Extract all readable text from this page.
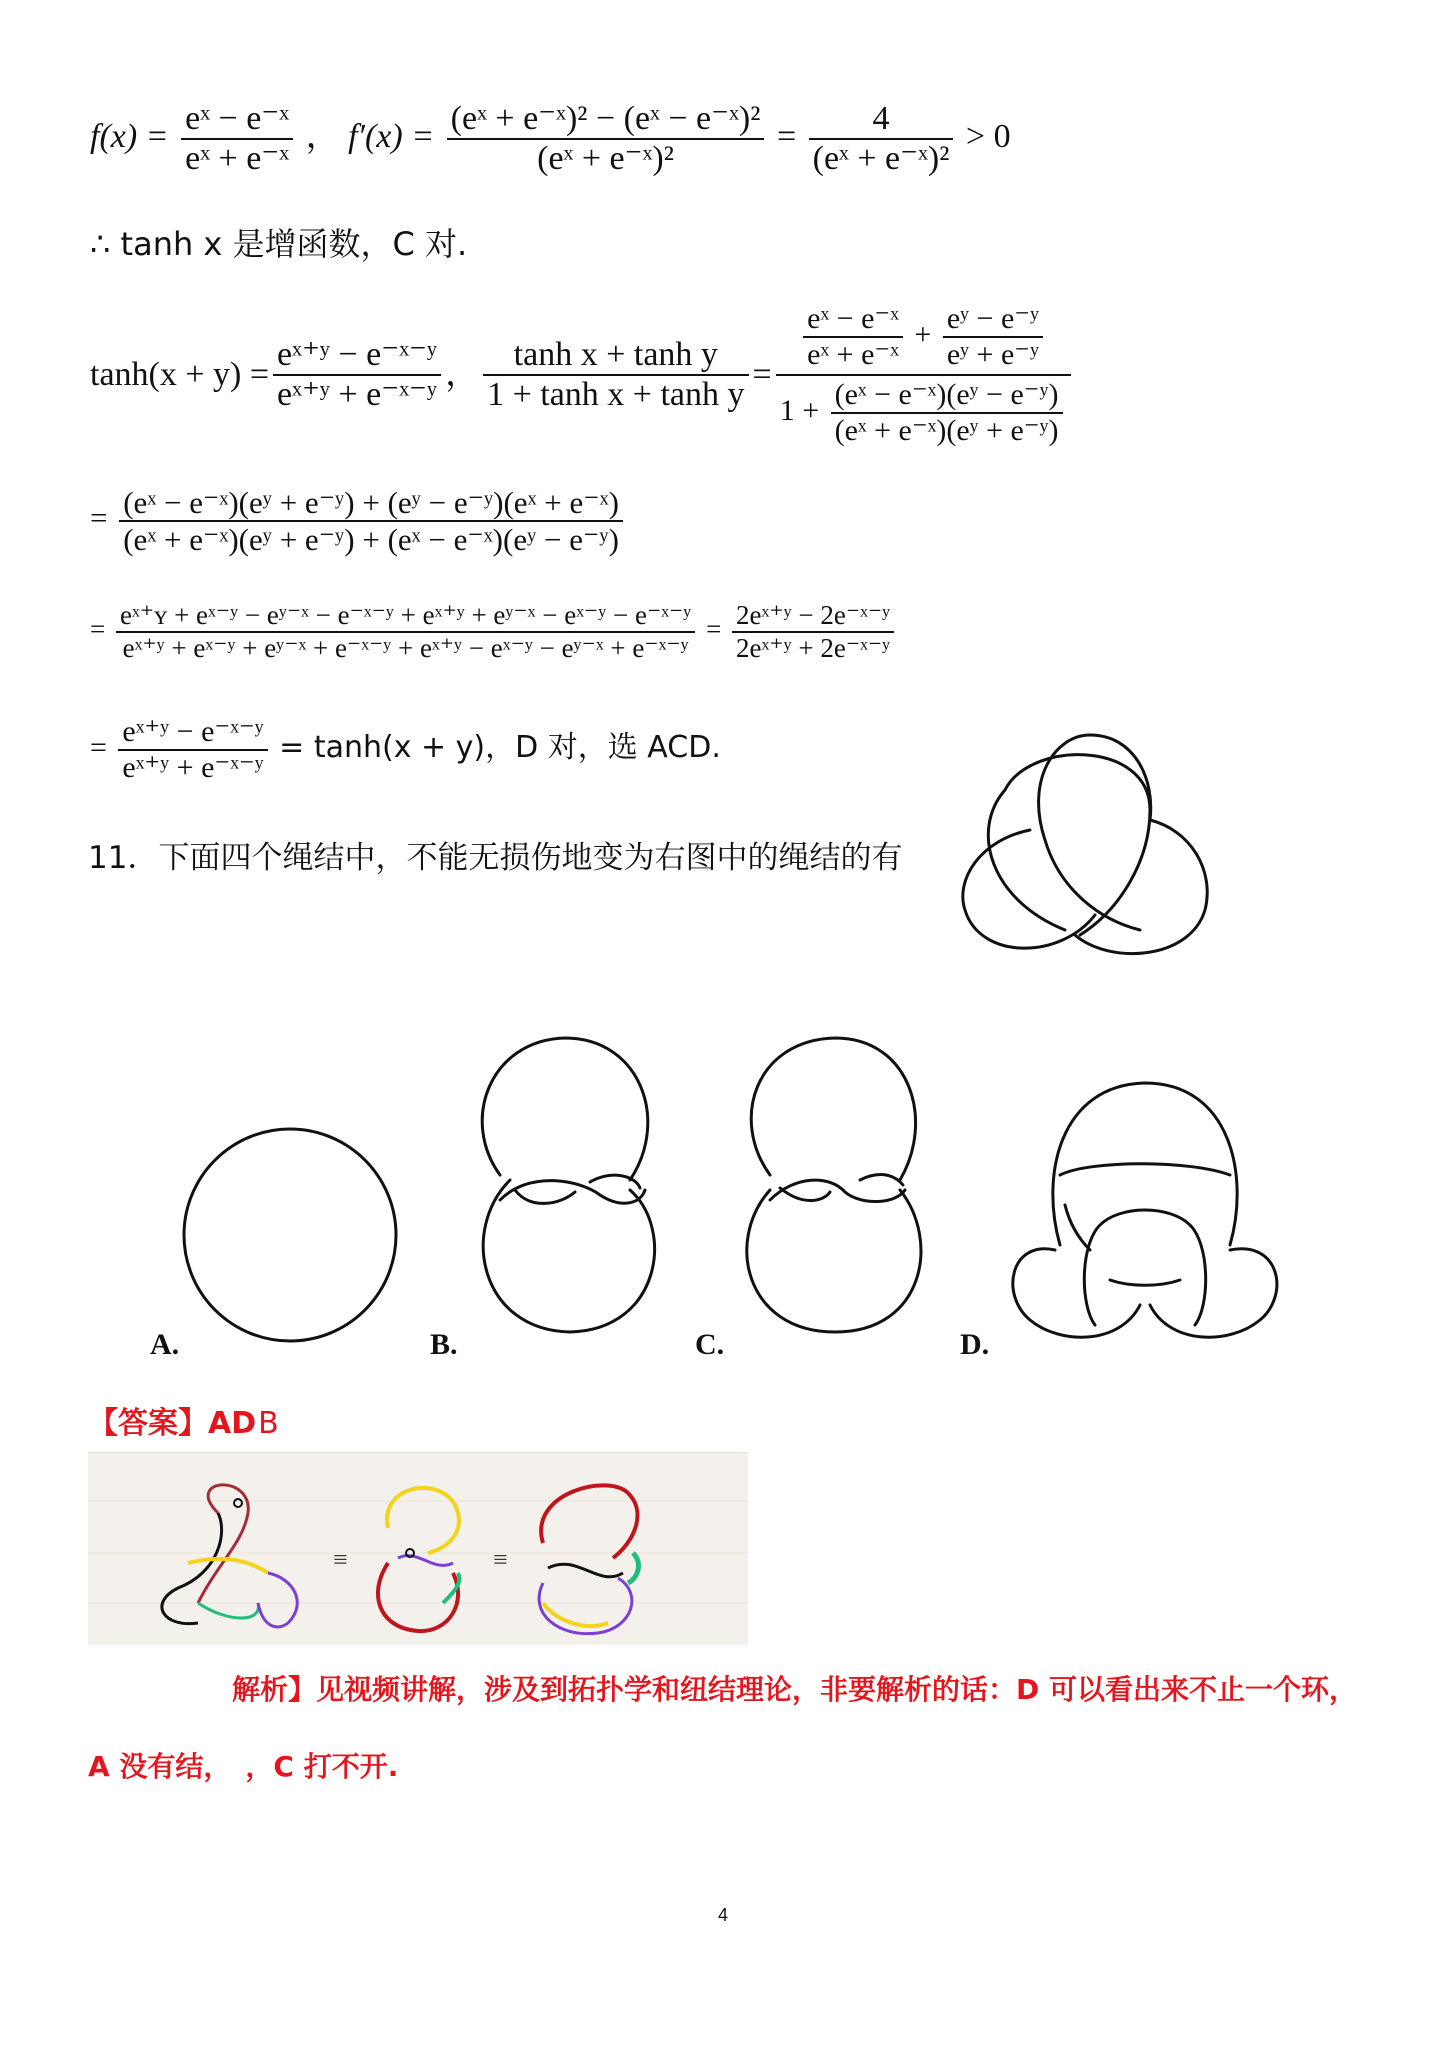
$f(x) = \frac{\text{eˣ − e⁻ˣ}}{\text{eˣ + e⁻ˣ}}$ ， $f'(x) = \frac{\text{(eˣ + e⁻ˣ)² − (eˣ − e⁻ˣ)²}}{\text{(eˣ + e⁻ˣ)²}} = \frac{4}{\text{(eˣ + e⁻ˣ)²}} > 0$
∴ tanh x 是增函数，C 对.
$\tanh(x + y) = \frac{\text{eˣ⁺ʸ − e⁻ˣ⁻ʸ}}{\text{eˣ⁺ʸ + e⁻ˣ⁻ʸ}}$ ， $\frac{\text{tanh x + tanh y}}{\text{1 + tanh x + tanh y}}$ =
$\frac{\text{eˣ − e⁻ˣ}}{\text{eˣ + e⁻ˣ}} + \frac{\text{eʸ − e⁻ʸ}}{\text{eʸ + e⁻ʸ}}$
$1 + \frac{\text{(eˣ − e⁻ˣ)(eʸ − e⁻ʸ)}}{\text{(eˣ + e⁻ˣ)(eʸ + e⁻ʸ)}}$
= $\frac{\text{(eˣ − e⁻ˣ)(eʸ + e⁻ʸ) + (eʸ − e⁻ʸ)(eˣ + e⁻ˣ)}}{\text{(eˣ + e⁻ˣ)(eʸ + e⁻ʸ) + (eˣ − e⁻ˣ)(eʸ − e⁻ʸ)}}$
= $\frac{\text{eˣ⁺ʏ + eˣ⁻ʸ − eʸ⁻ˣ − e⁻ˣ⁻ʸ + eˣ⁺ʸ + eʸ⁻ˣ − eˣ⁻ʸ − e⁻ˣ⁻ʸ}}{\text{eˣ⁺ʸ + eˣ⁻ʸ + eʸ⁻ˣ + e⁻ˣ⁻ʸ + eˣ⁺ʸ − eˣ⁻ʸ − eʸ⁻ˣ + e⁻ˣ⁻ʸ}} = \frac{\text{2eˣ⁺ʸ − 2e⁻ˣ⁻ʸ}}{\text{2eˣ⁺ʸ + 2e⁻ˣ⁻ʸ}}$
= $\frac{\text{eˣ⁺ʸ − e⁻ˣ⁻ʸ}}{\text{eˣ⁺ʸ + e⁻ˣ⁻ʸ}} = \tanh(x + y)$，D 对，选 ACD.
11．下面四个绳结中，不能无损伤地变为右图中的绳结的有
A.	B.	C.	D.
【答案】ADB
≡	≡
解析】见视频讲解，涉及到拓扑学和纽结理论，非要解析的话：D 可以看出来不止一个环，
A 没有结，　，C 打不开.
4
